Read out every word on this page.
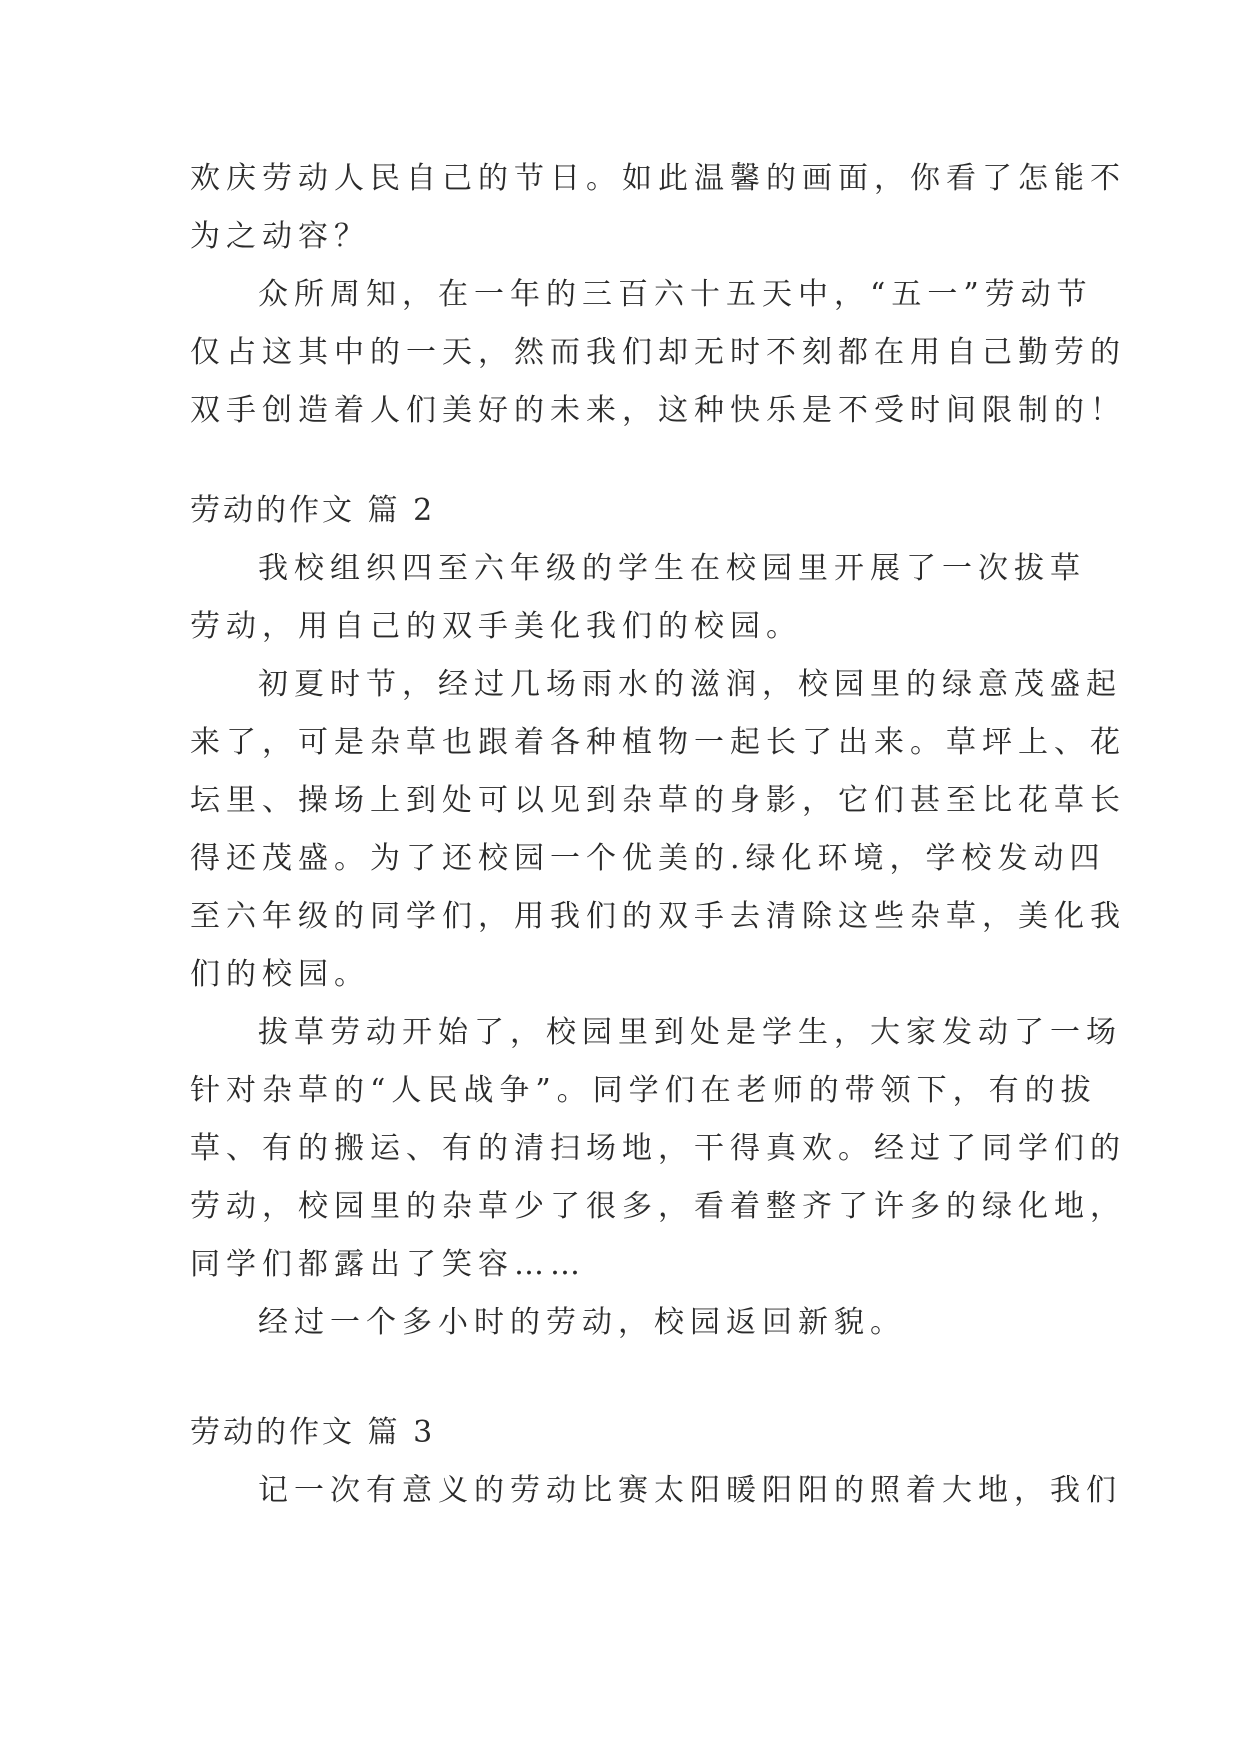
欢庆劳动人民自己的节日。如此温馨的画面，你看了怎能不

为之动容？

众所周知，在一年的三百六十五天中，“五一”劳动节

仅占这其中的一天，然而我们却无时不刻都在用自己勤劳的

双手创造着人们美好的未来，这种快乐是不受时间限制的！

劳动的作文 篇 2

我校组织四至六年级的学生在校园里开展了一次拔草

劳动，用自己的双手美化我们的校园。

初夏时节，经过几场雨水的滋润，校园里的绿意茂盛起

来了，可是杂草也跟着各种植物一起长了出来。草坪上、花

坛里、操场上到处可以见到杂草的身影，它们甚至比花草长

得还茂盛。为了还校园一个优美的.绿化环境，学校发动四

至六年级的同学们，用我们的双手去清除这些杂草，美化我

们的校园。

拔草劳动开始了，校园里到处是学生，大家发动了一场

针对杂草的“人民战争”。同学们在老师的带领下，有的拔

草、有的搬运、有的清扫场地，干得真欢。经过了同学们的

劳动，校园里的杂草少了很多，看着整齐了许多的绿化地，

同学们都露出了笑容……

经过一个多小时的劳动，校园返回新貌。

劳动的作文 篇 3

记一次有意义的劳动比赛太阳暖阳阳的照着大地，我们
